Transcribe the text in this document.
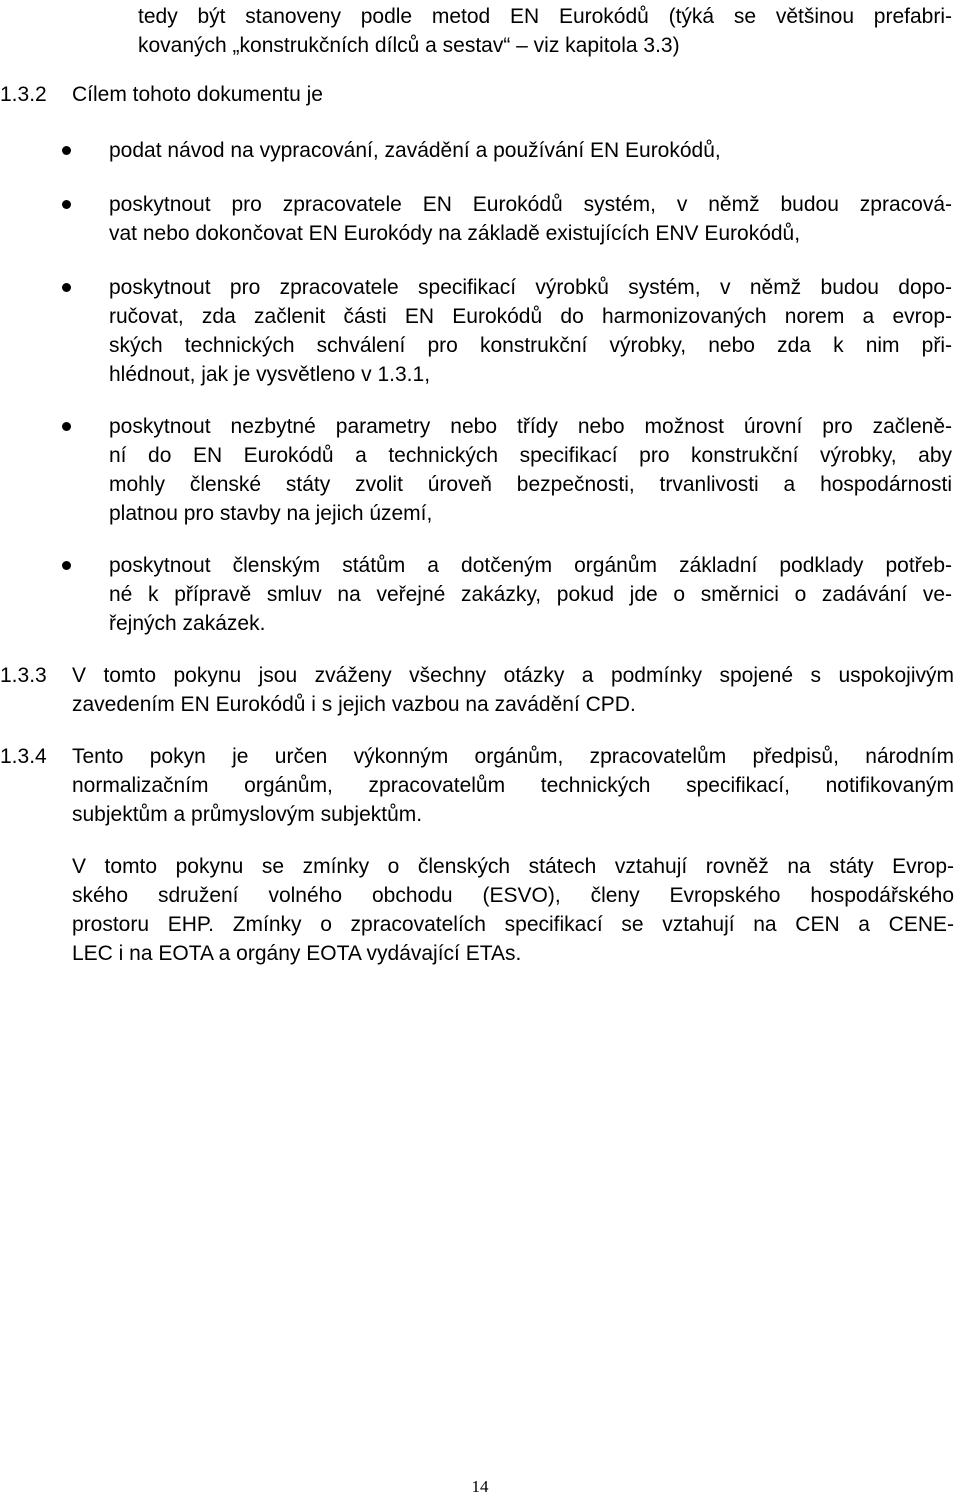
tedy být stanoveny podle metod EN Eurokódů (týká se většinou prefabri-
kovaných „konstrukčních dílců a sestav“ – viz kapitola 3.3)
1.3.2 Cílem tohoto dokumentu je
podat návod na vypracování, zavádění a používání EN Eurokódů,
poskytnout pro zpracovatele EN Eurokódů systém, v němž budou zpracová-
vat nebo dokončovat EN Eurokódy na základě existujících ENV Eurokódů,
poskytnout pro zpracovatele specifikací výrobků systém, v němž budou dopo-
ručovat, zda začlenit části EN Eurokódů do harmonizovaných norem a evrop-
ských technických schválení pro konstrukční výrobky, nebo zda k nim při-
hlédnout, jak je vysvětleno v 1.3.1,
poskytnout nezbytné parametry nebo třídy nebo možnost úrovní pro začleně-
ní do EN Eurokódů a technických specifikací pro konstrukční výrobky, aby
mohly členské státy zvolit úroveň bezpečnosti, trvanlivosti a hospodárnosti
platnou pro stavby na jejich území,
poskytnout členským státům a dotčeným orgánům základní podklady potřeb-
né k přípravě smluv na veřejné zakázky, pokud jde o směrnici o zadávání ve-
řejných zakázek.
1.3.3 V tomto pokynu jsou zváženy všechny otázky a podmínky spojené s uspokojivým
zavedením EN Eurokódů i s jejich vazbou na zavádění CPD.
1.3.4 Tento pokyn je určen výkonným orgánům, zpracovatelům předpisů, národním
normalizačním orgánům, zpracovatelům technických specifikací, notifikovaným
subjektům a průmyslovým subjektům.
V tomto pokynu se zmínky o členských státech vztahují rovněž na státy Evrop-
ského sdružení volného obchodu (ESVO), členy Evropského hospodářského
prostoru EHP. Zmínky o zpracovatelích specifikací se vztahují na CEN a CENE-
LEC i na EOTA a orgány EOTA vydávající ETAs.
14
